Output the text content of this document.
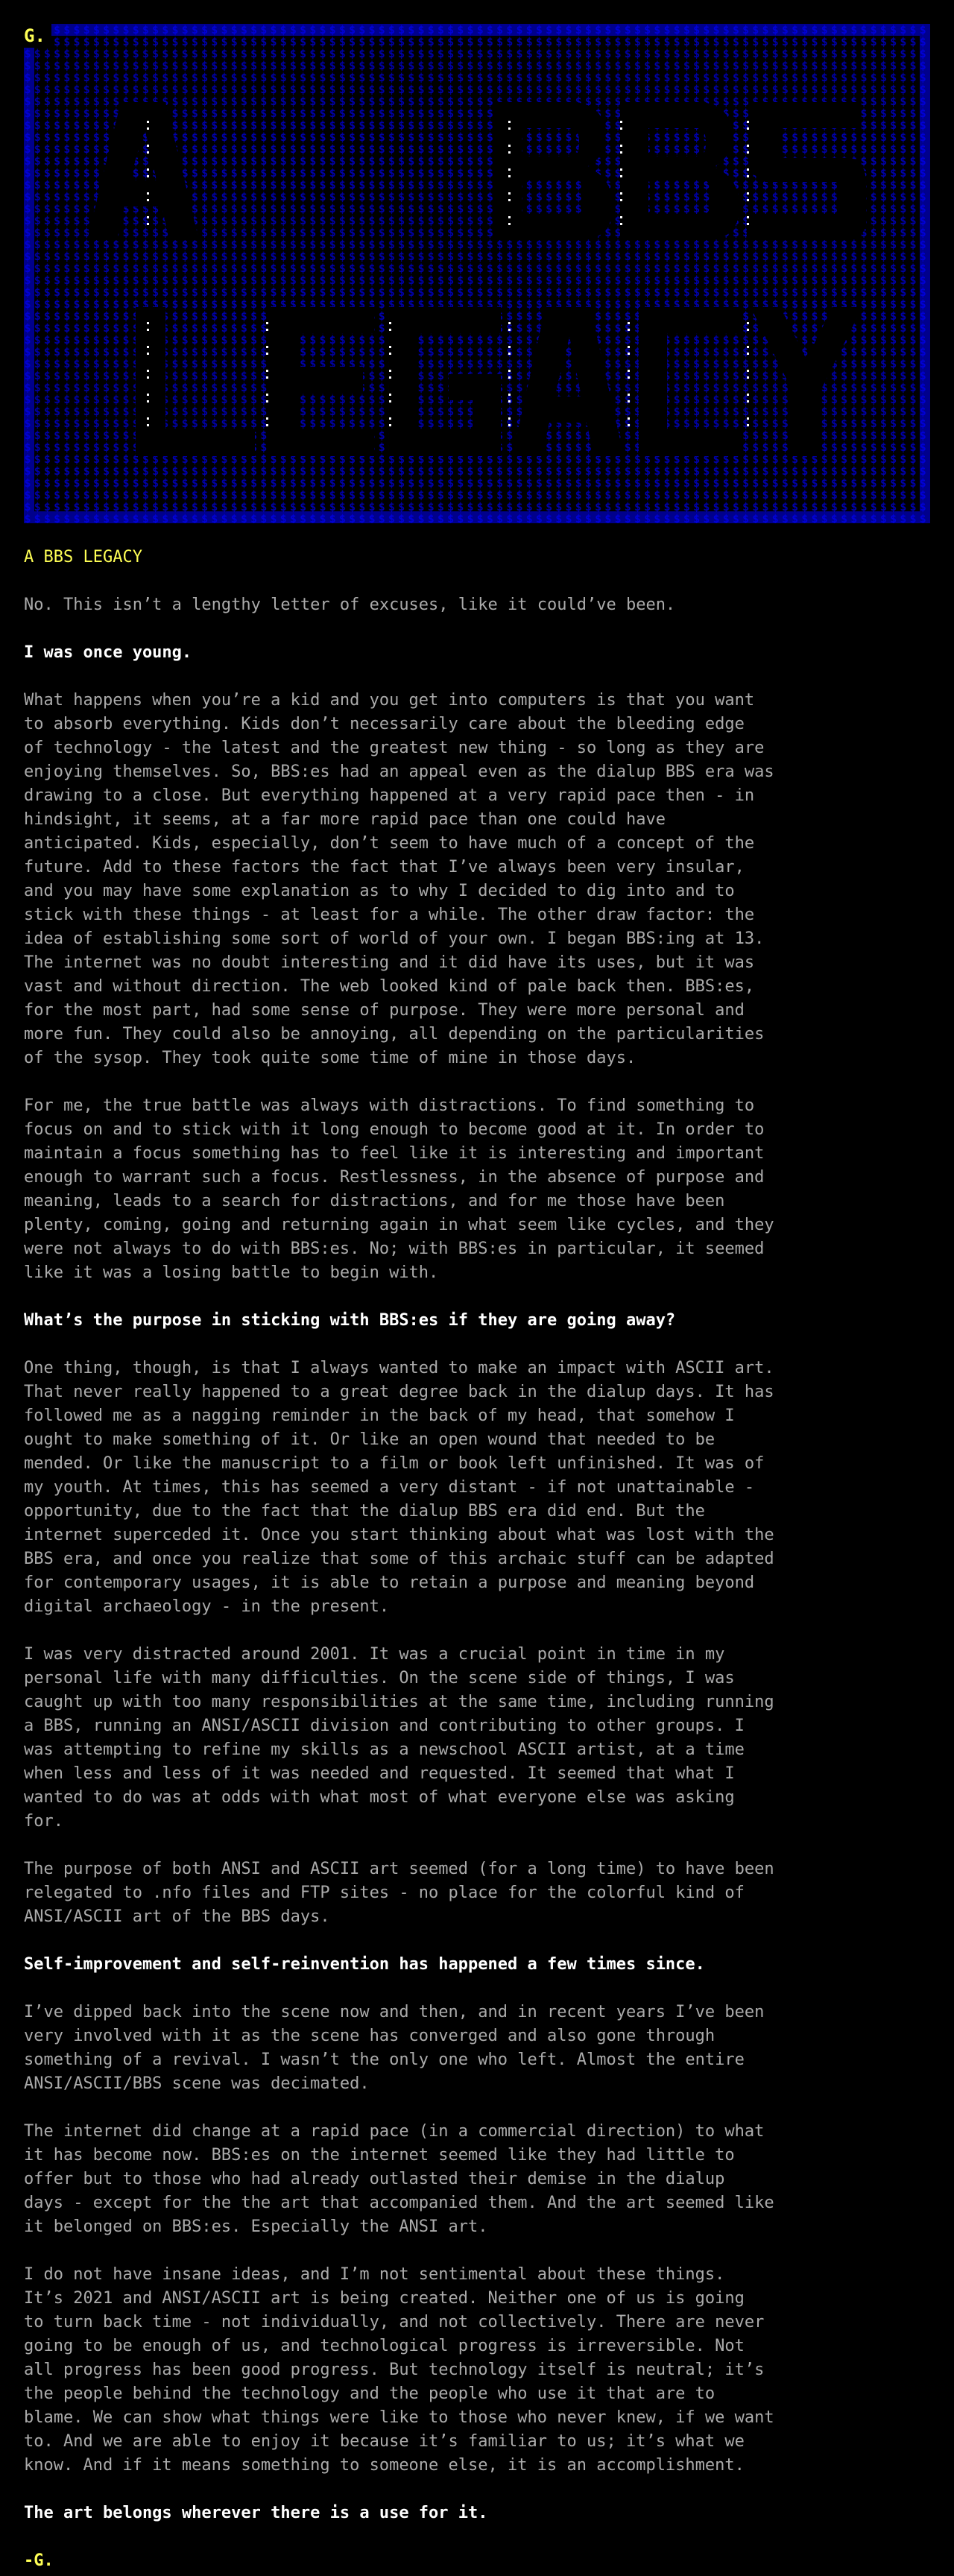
G.
A BBS LEGACY
No. This isn’t a lengthy letter of excuses, like it could’ve been.
I was once young.
What happens when you’re a kid and you get into computers is that you want
to absorb everything. Kids don’t necessarily care about the bleeding edge
of technology - the latest and the greatest new thing - so long as they are
enjoying themselves. So, BBS:es had an appeal even as the dialup BBS era was
drawing to a close. But everything happened at a very rapid pace then - in
hindsight, it seems, at a far more rapid pace than one could have
anticipated. Kids, especially, don’t seem to have much of a concept of the
future. Add to these factors the fact that I’ve always been very insular,
and you may have some explanation as to why I decided to dig into and to
stick with these things - at least for a while. The other draw factor: the
idea of establishing some sort of world of your own. I began BBS:ing at 13.
The internet was no doubt interesting and it did have its uses, but it was
vast and without direction. The web looked kind of pale back then. BBS:es,
for the most part, had some sense of purpose. They were more personal and
more fun. They could also be annoying, all depending on the particularities
of the sysop. They took quite some time of mine in those days.
For me, the true battle was always with distractions. To find something to
focus on and to stick with it long enough to become good at it. In order to
maintain a focus something has to feel like it is interesting and important
enough to warrant such a focus. Restlessness, in the absence of purpose and
meaning, leads to a search for distractions, and for me those have been
plenty, coming, going and returning again in what seem like cycles, and they
were not always to do with BBS:es. No; with BBS:es in particular, it seemed
like it was a losing battle to begin with.
What’s the purpose in sticking with BBS:es if they are going away?
One thing, though, is that I always wanted to make an impact with ASCII art.
That never really happened to a great degree back in the dialup days. It has
followed me as a nagging reminder in the back of my head, that somehow I
ought to make something of it. Or like an open wound that needed to be
mended. Or like the manuscript to a film or book left unfinished. It was of
my youth. At times, this has seemed a very distant - if not unattainable -
opportunity, due to the fact that the dialup BBS era did end. But the
internet superceded it. Once you start thinking about what was lost with the
BBS era, and once you realize that some of this archaic stuff can be adapted
for contemporary usages, it is able to retain a purpose and meaning beyond
digital archaeology - in the present.
I was very distracted around 2001. It was a crucial point in time in my
personal life with many difficulties. On the scene side of things, I was
caught up with too many responsibilities at the same time, including running
a BBS, running an ANSI/ASCII division and contributing to other groups. I
was attempting to refine my skills as a newschool ASCII artist, at a time
when less and less of it was needed and requested. It seemed that what I
wanted to do was at odds with what most of what everyone else was asking
for.
The purpose of both ANSI and ASCII art seemed (for a long time) to have been
relegated to .nfo files and FTP sites - no place for the colorful kind of
ANSI/ASCII art of the BBS days.
Self-improvement and self-reinvention has happened a few times since.
I’ve dipped back into the scene now and then, and in recent years I’ve been
very involved with it as the scene has converged and also gone through
something of a revival. I wasn’t the only one who left. Almost the entire
ANSI/ASCII/BBS scene was decimated.
The internet did change at a rapid pace (in a commercial direction) to what
it has become now. BBS:es on the internet seemed like they had little to
offer but to those who had already outlasted their demise in the dialup
days - except for the the art that accompanied them. And the art seemed like
it belonged on BBS:es. Especially the ANSI art.
I do not have insane ideas, and I’m not sentimental about these things.
It’s 2021 and ANSI/ASCII art is being created. Neither one of us is going
to turn back time - not individually, and not collectively. There are never
going to be enough of us, and technological progress is irreversible. Not
all progress has been good progress. But technology itself is neutral; it’s
the people behind the technology and the people who use it that are to
blame. We can show what things were like to those who never knew, if we want
to. And we are able to enjoy it because it’s familiar to us; it’s what we
know. And if it means something to someone else, it is an accomplishment.
The art belongs wherever there is a use for it.
-G.
